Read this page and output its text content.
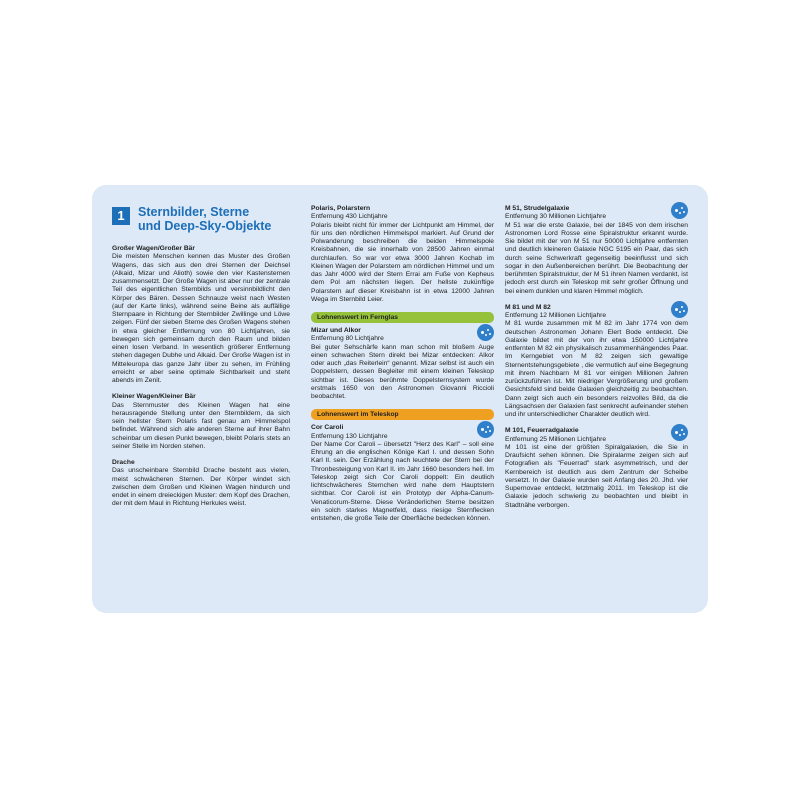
1	Sternbilder, Sterne
und Deep-Sky-Objekte
Großer Wagen/Großer Bär

Die meisten Menschen kennen das Muster des Großen Wagens, das sich aus den drei Sternen der Deichsel (Alkaid, Mizar und Alioth) sowie den vier Kastensternen zusammensetzt. Der Große Wagen ist aber nur der zentrale Teil des eigentlichen Sternbilds und versinnbildlicht den Körper des Bären. Dessen Schnauze weist nach Westen (auf der Karte links), während seine Beine als auffällige Sternpaare in Richtung der Sternbilder Zwillinge und Löwe zeigen. Fünf der sieben Sterne des Großen Wagens stehen in etwa gleicher Entfernung von 80 Lichtjahren, sie bewegen sich gemeinsam durch den Raum und bilden einen losen Verband. In wesentlich größerer Entfernung stehen dagegen Dubhe und Alkaid. Der Große Wagen ist in Mitteleuropa das ganze Jahr über zu sehen, im Frühling erreicht er aber seine optimale Sichtbarkeit und steht abends im Zenit.

Kleiner Wagen/Kleiner Bär

Das Sternmuster des Kleinen Wagen hat eine herausragende Stellung unter den Sternbildern, da sich sein hellster Stern Polaris fast genau am Himmelspol befindet. Während sich alle anderen Sterne auf ihrer Bahn scheinbar um diesen Punkt bewegen, bleibt Polaris stets an seiner Stelle im Norden stehen.

Drache

Das unscheinbare Sternbild Drache besteht aus vielen, meist schwächeren Sternen. Der Körper windet sich zwischen dem Großen und Kleinen Wagen hindurch und endet in einem dreieckigen Muster: dem Kopf des Drachen, der mit dem Maul in Richtung Herkules weist.

Polaris, Polarstern
Entfernung 430 Lichtjahre

Polaris bleibt nicht für immer der Lichtpunkt am Himmel, der für uns den nördlichen Himmelspol markiert. Auf Grund der Polwanderung beschreiben die beiden Himmelspole Kreisbahnen, die sie innerhalb von 28500 Jahren einmal durchlaufen. So war vor etwa 3000 Jahren Kochab im Kleinen Wagen der Polarstern am nördlichen Himmel und um das Jahr 4000 wird der Stern Errai am Fuße von Kepheus dem Pol am nächsten liegen. Der hellste zukünftige Polarstern auf dieser Kreisbahn ist in etwa 12000 Jahren Wega im Sternbild Leier.

Lohnenswert im Fernglas
Mizar und Alkor
Entfernung 80 Lichtjahre

Bei guter Sehschärfe kann man schon mit bloßem Auge einen schwachen Stern direkt bei Mizar entdecken: Alkor oder auch „das Reiterlein“ genannt. Mizar selbst ist auch ein Doppelstern, dessen Begleiter mit einem kleinen Teleskop sichtbar ist. Dieses berühmte Doppelsternsystem wurde erstmals 1650 von den Astronomen Giovanni Riccioli beobachtet.

Lohnenswert im Teleskop
Cor Caroli
Entfernung 130 Lichtjahre

Der Name Cor Caroli – übersetzt "Herz des Karl" – soll eine Ehrung an die englischen Könige Karl I. und dessen Sohn Karl II. sein. Der Erzählung nach leuchtete der Stern bei der Thronbesteigung von Karl II. im Jahr 1660 besonders hell. Im Teleskop zeigt sich Cor Caroli doppelt: Ein deutlich lichtschwächeres Sternchen wird nahe dem Hauptstern sichtbar. Cor Caroli ist ein Prototyp der Alpha-Canum-Venaticorum-Sterne. Diese Veränderlichen Sterne besitzen ein solch starkes Magnetfeld, dass riesige Sternflecken entstehen, die große Teile der Oberfläche bedecken können.

M 51, Strudelgalaxie
Entfernung 30 Millionen Lichtjahre

M 51 war die erste Galaxie, bei der 1845 von dem irischen Astronomen Lord Rosse eine Spiralstruktur erkannt wurde. Sie bildet mit der von M 51 nur 50000 Lichtjahre entfernten und deutlich kleineren Galaxie NGC 5195 ein Paar, das sich durch seine Schwerkraft gegenseitig beeinflusst und sich sogar in den Außenbereichen berührt. Die Beobachtung der berühmten Spiralstruktur, der M 51 ihren Namen verdankt, ist jedoch erst durch ein Teleskop mit sehr großer Öffnung und bei einem dunklen und klaren Himmel möglich.

M 81 und M 82
Entfernung 12 Millionen Lichtjahre

M 81 wurde zusammen mit M 82 im Jahr 1774 von dem deutschen Astronomen Johann Elert Bode entdeckt. Die Galaxie bildet mit der von ihr etwa 150000 Lichtjahre entfernten M 82 ein physikalisch zusammenhängendes Paar. Im Kerngebiet von M 82 zeigen sich gewaltige Sternentstehungsgebiete , die vermutlich auf eine Begegnung mit ihrem Nachbarn M 81 vor einigen Millionen Jahren zurückzuführen ist. Mit niedriger Vergrößerung und großem Gesichtsfeld sind beide Galaxien gleichzeitig zu beobachten. Dann zeigt sich auch ein besonders reizvolles Bild, da die Längsachsen der Galaxien fast senkrecht aufeinander stehen und ihr unterschiedlicher Charakter deutlich wird.

M 101, Feuerradgalaxie
Entfernung 25 Millionen Lichtjahre

M 101 ist eine der größten Spiralgalaxien, die Sie in Draufsicht sehen können. Die Spiralarme zeigen sich auf Fotografien als "Feuerrad" stark asymmetrisch, und der Kernbereich ist deutlich aus dem Zentrum der Scheibe versetzt. In der Galaxie wurden seit Anfang des 20. Jhd. vier Supernovae entdeckt, letztmalig 2011. Im Teleskop ist die Galaxie jedoch schwierig zu beobachten und bleibt in Stadtnähe verborgen.
